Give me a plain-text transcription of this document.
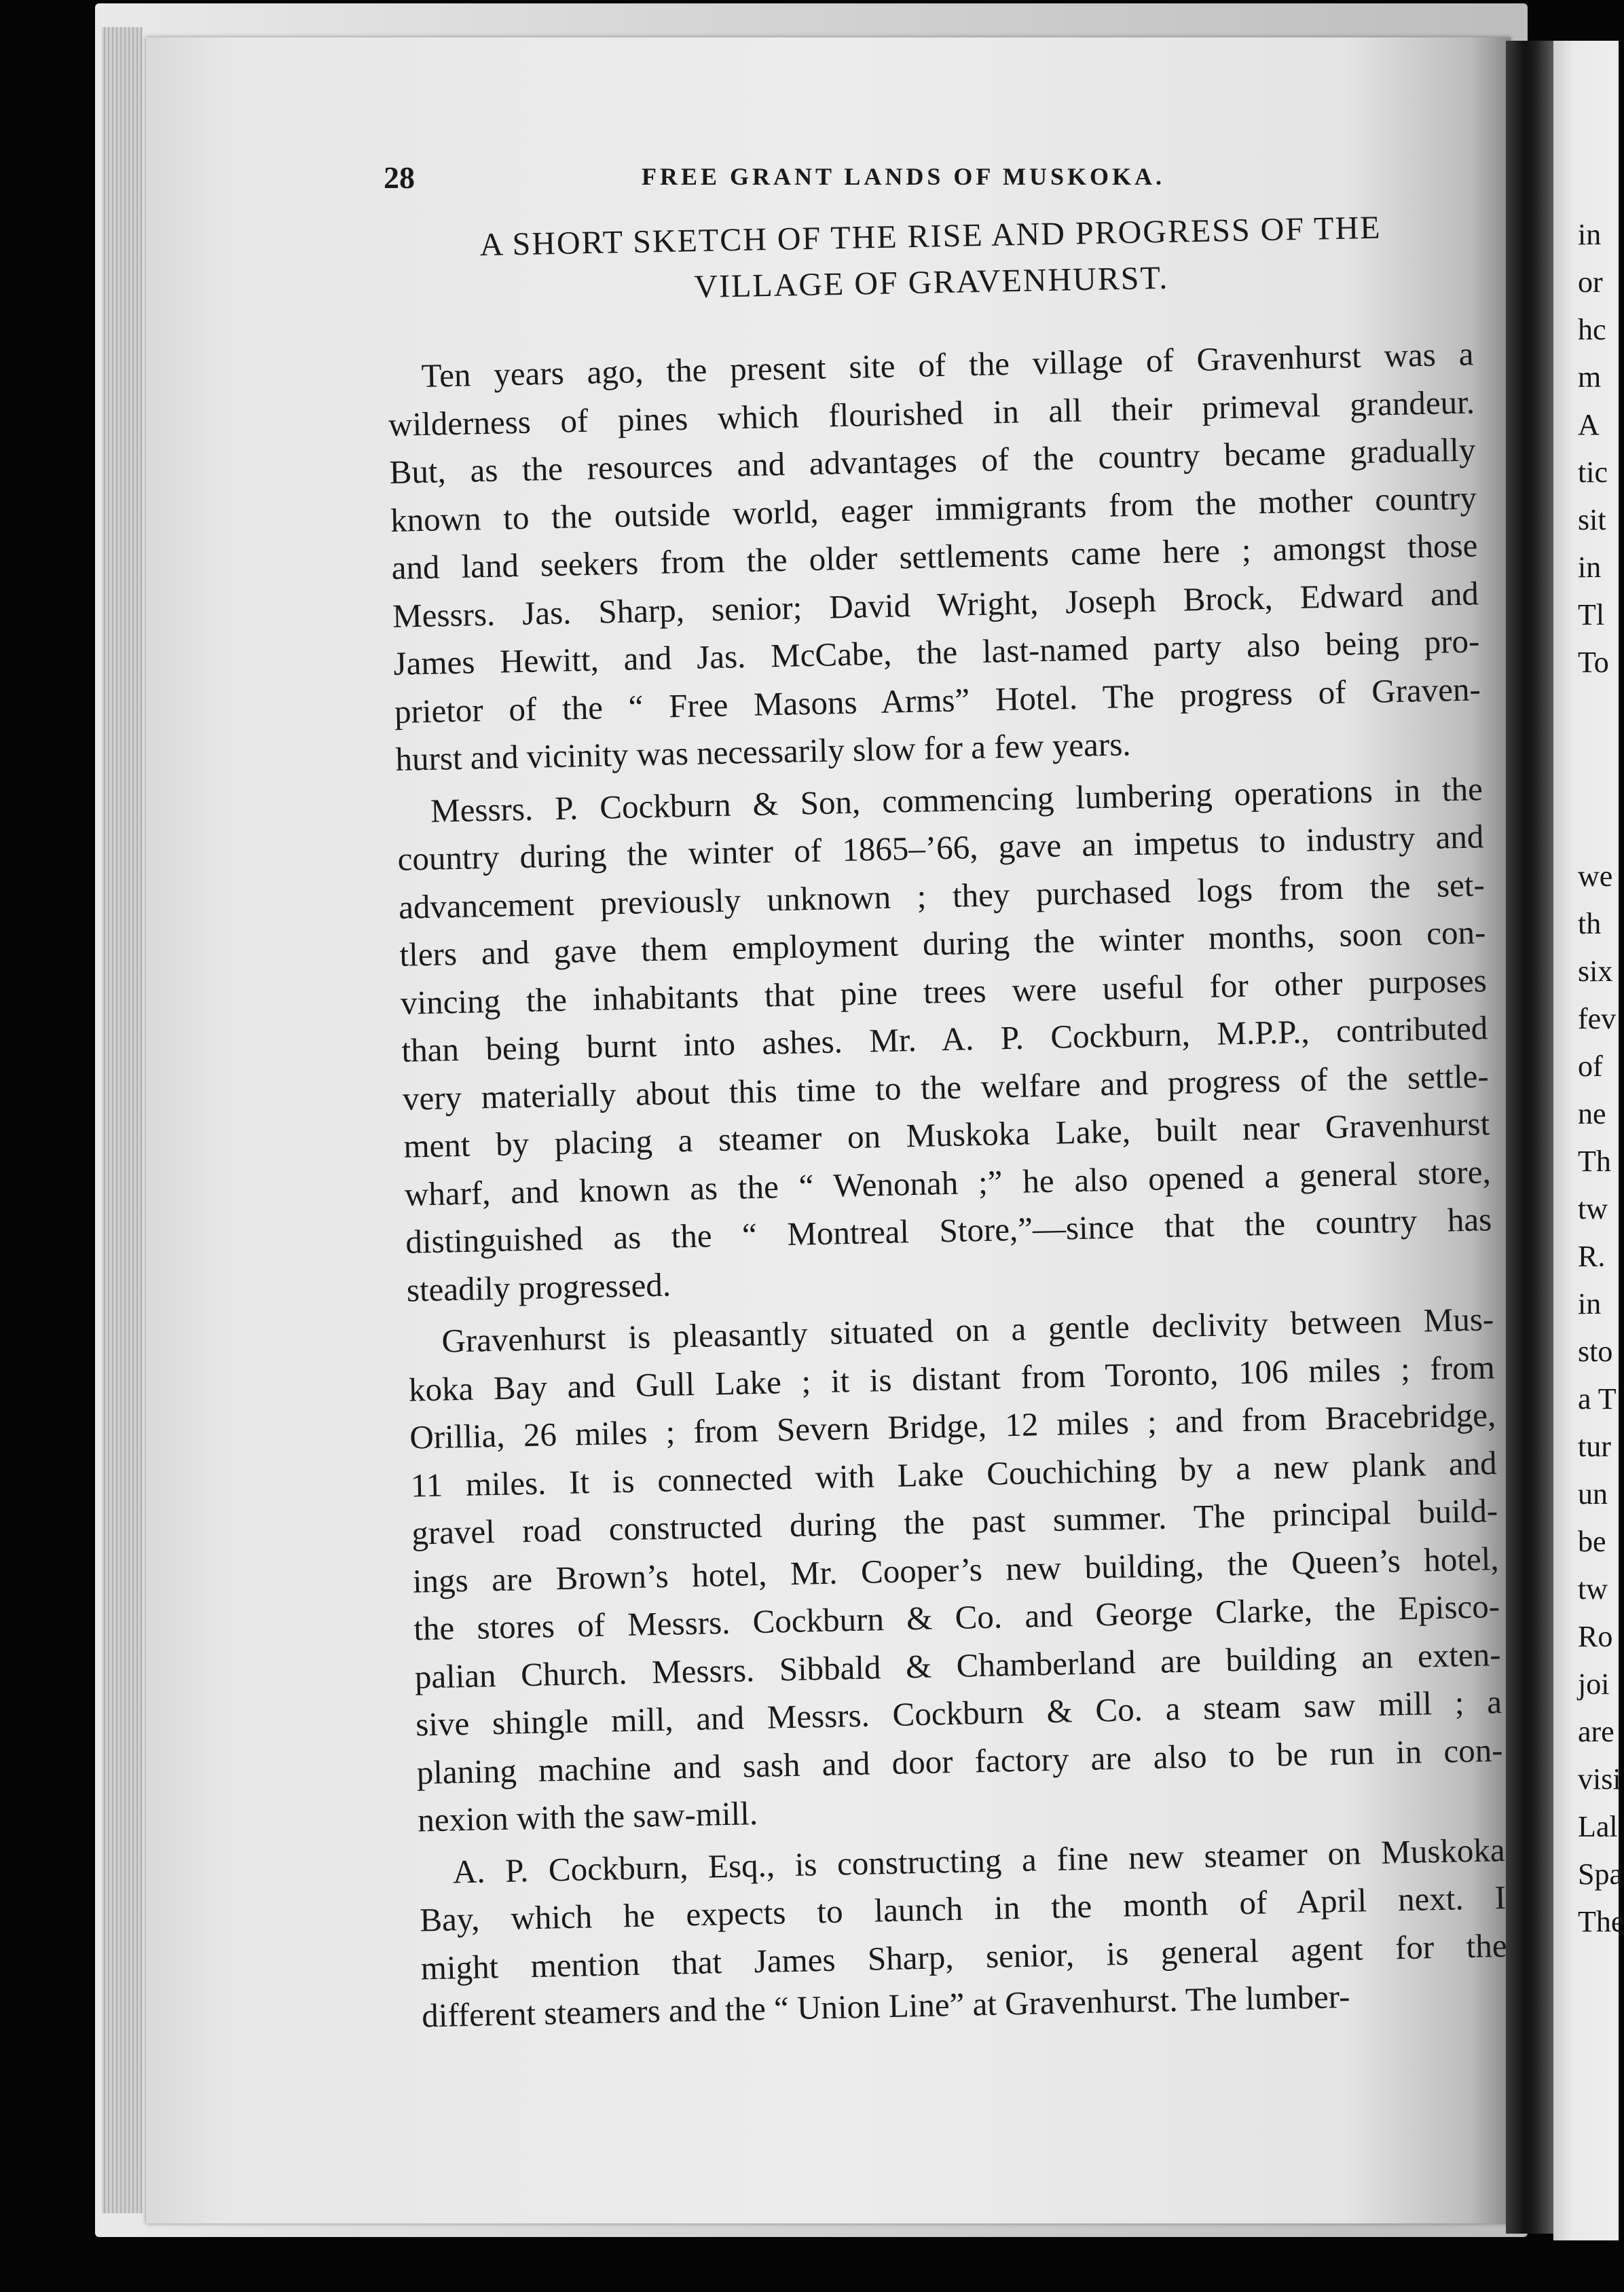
in
or
hc
m
A
tic
sit
in
Tl
To
we
th
six
fev
of
ne
Th
tw
R.
in
sto
a T
tur
un
be
tw
Ro
joi
are
visi
Lal
Spa
The
28	FREE GRANT LANDS OF MUSKOKA.
A SHORT SKETCH OF THE RISE AND PROGRESS OF THE
VILLAGE OF GRAVENHURST.
Ten years ago, the present site of the village of Gravenhurst was a
wilderness of pines which flourished in all their primeval grandeur.
But, as the resources and advantages of the country became gradually
known to the outside world, eager immigrants from the mother country
and land seekers from the older settlements came here ; amongst those
Messrs. Jas. Sharp, senior; David Wright, Joseph Brock, Edward and
James Hewitt, and Jas. McCabe, the last-named party also being pro-
prietor of the “ Free Masons Arms” Hotel. The progress of Graven-
hurst and vicinity was necessarily slow for a few years.
Messrs. P. Cockburn & Son, commencing lumbering operations in the
country during the winter of 1865–’66, gave an impetus to industry and
advancement previously unknown ; they purchased logs from the set-
tlers and gave them employment during the winter months, soon con-
vincing the inhabitants that pine trees were useful for other purposes
than being burnt into ashes. Mr. A. P. Cockburn, M.P.P., contributed
very materially about this time to the welfare and progress of the settle-
ment by placing a steamer on Muskoka Lake, built near Gravenhurst
wharf, and known as the “ Wenonah ;” he also opened a general store,
distinguished as the “ Montreal Store,”—since that the country has
steadily progressed.
Gravenhurst is pleasantly situated on a gentle declivity between Mus-
koka Bay and Gull Lake ; it is distant from Toronto, 106 miles ; from
Orillia, 26 miles ; from Severn Bridge, 12 miles ; and from Bracebridge,
11 miles. It is connected with Lake Couchiching by a new plank and
gravel road constructed during the past summer. The principal build-
ings are Brown’s hotel, Mr. Cooper’s new building, the Queen’s hotel,
the stores of Messrs. Cockburn & Co. and George Clarke, the Episco-
palian Church. Messrs. Sibbald & Chamberland are building an exten-
sive shingle mill, and Messrs. Cockburn & Co. a steam saw mill ; a
planing machine and sash and door factory are also to be run in con-
nexion with the saw-mill.
A. P. Cockburn, Esq., is constructing a fine new steamer on Muskoka
Bay, which he expects to launch in the month of April next. I
might mention that James Sharp, senior, is general agent for the
different steamers and the “ Union Line” at Gravenhurst. The lumber-
